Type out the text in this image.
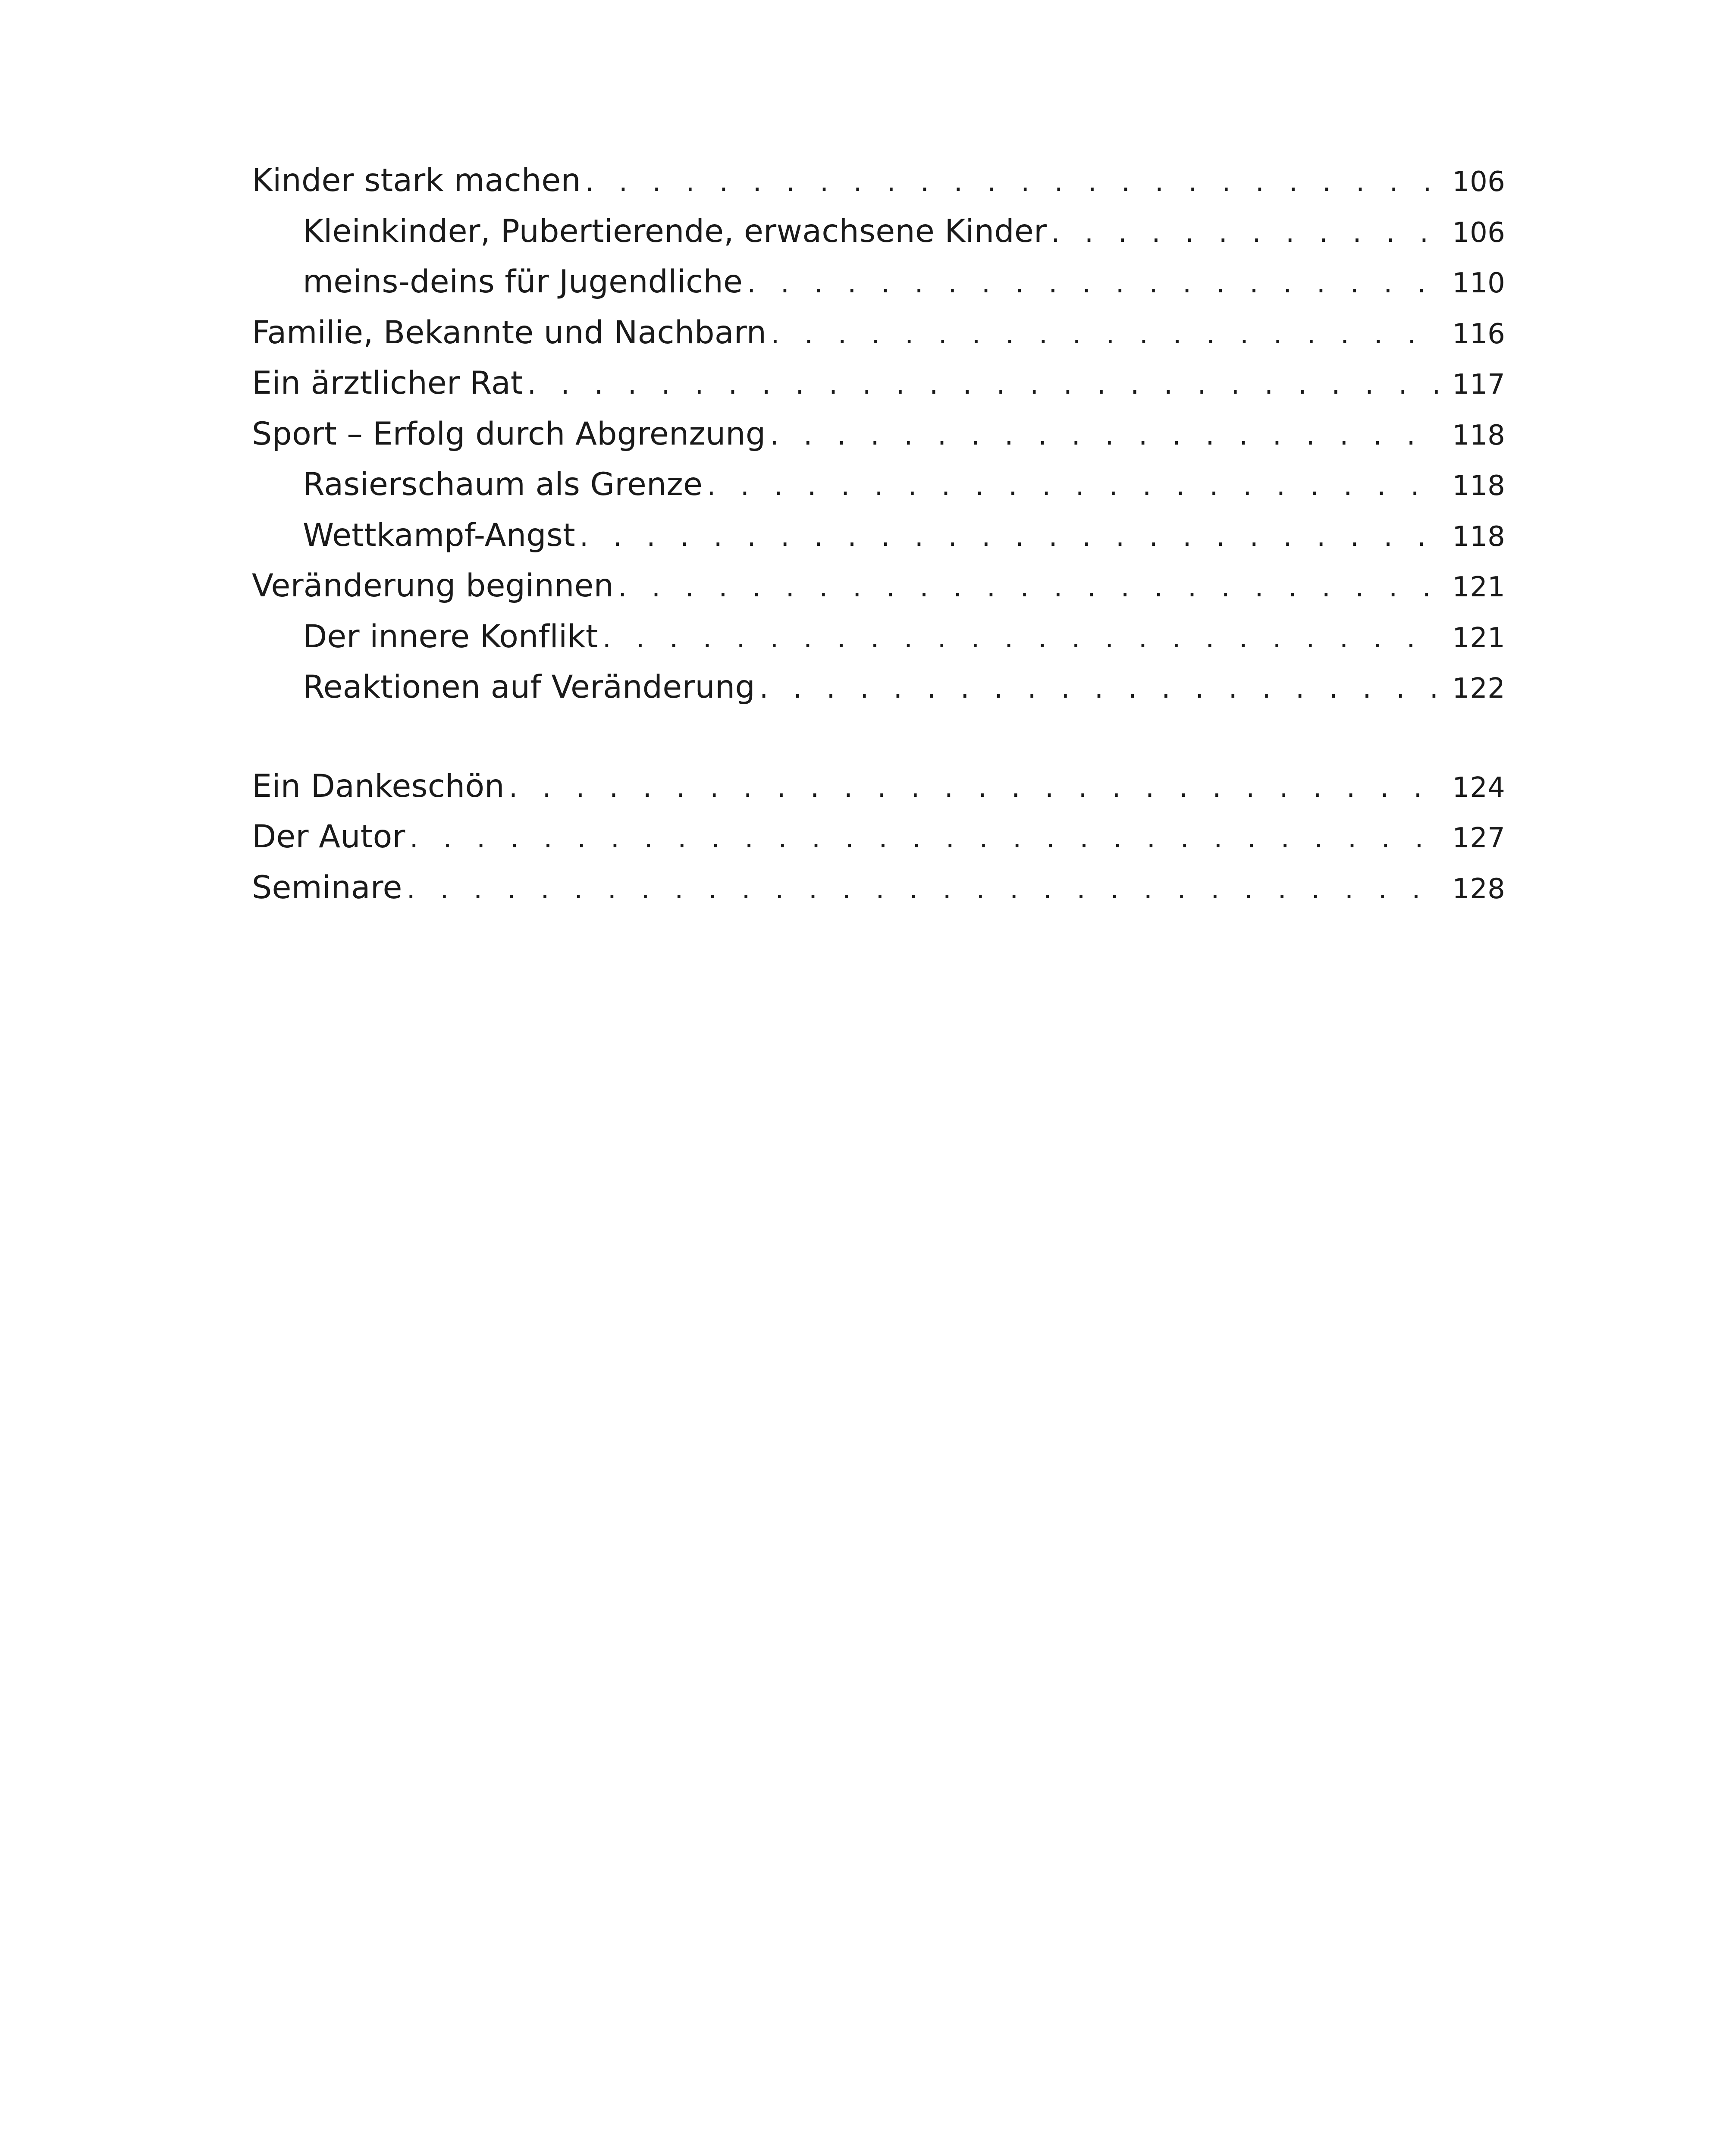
Kinder stark machen . . .	106
Kleinkinder, Pubertierende, erwachsene Kinder . . .	106
meins-deins für Jugendliche . . .	110
Familie, Bekannte und Nachbarn . . .	116
Ein ärztlicher Rat . . .	117
Sport – Erfolg durch Abgrenzung . . .	118
Rasierschaum als Grenze . . .	118
Wettkampf-Angst . . .	118
Veränderung beginnen . . .	121
Der innere Konflikt . . .	121
Reaktionen auf Veränderung . . .	122
Ein Dankeschön . . .	124
Der Autor . . .	127
Seminare . . .	128
